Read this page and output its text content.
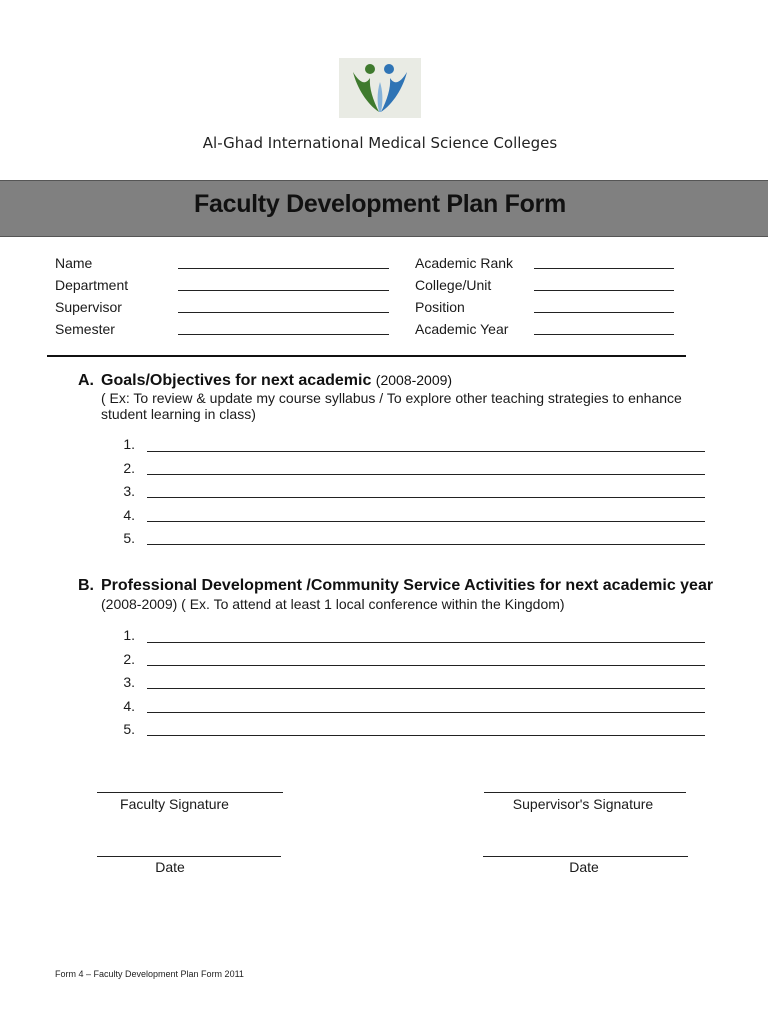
Al-Ghad International Medical Science Colleges
Faculty Development Plan Form
Name
Department
Supervisor
Semester
Academic Rank
College/Unit
Position
Academic Year
A. Goals/Objectives for next academic (2008-2009)
( Ex: To review & update my course syllabus / To explore other teaching strategies to enhance student learning in class)
1.
2.
3.
4.
5.
B. Professional Development /Community Service Activities for next academic year
(2008-2009) ( Ex. To attend at least 1 local conference within the Kingdom)
1.
2.
3.
4.
5.
Faculty Signature	Supervisor's Signature
Date	Date
Form 4 – Faculty Development Plan Form 2011
